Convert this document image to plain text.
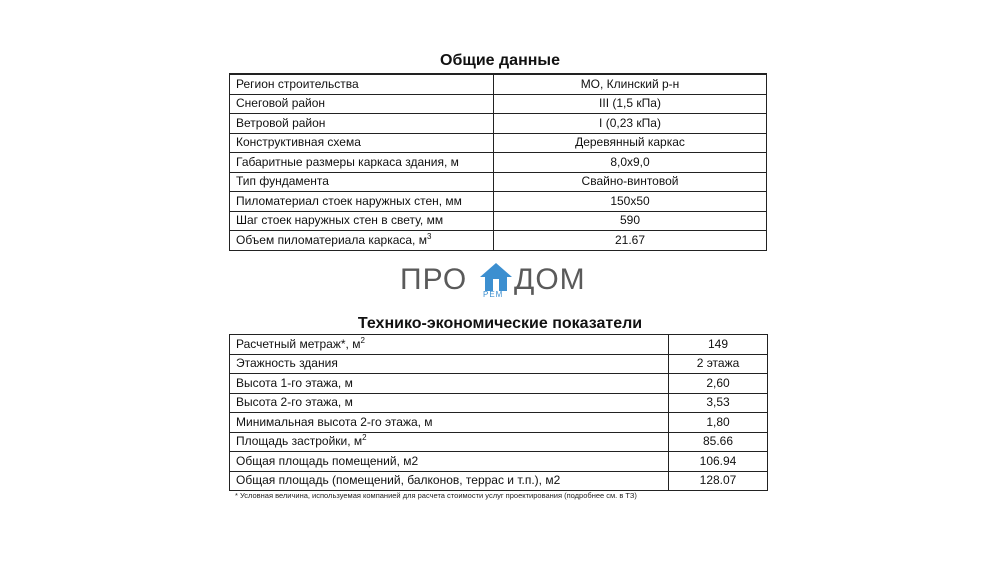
Общие данные
Регион строительства	МО, Клинский р-н
Снеговой район	III (1,5 кПа)
Ветровой район	I (0,23 кПа)
Конструктивная схема	Деревянный каркас
Габаритные размеры каркаса здания, м	8,0х9,0
Тип фундамента	Свайно-винтовой
Пиломатериал стоек наружных стен, мм	150х50
Шаг стоек наружных стен в свету, мм	590
Объем пиломатериала каркаса, $м^3$	21.67
ПРО РЕМ ДОМ
Технико-экономические показатели
Расчетный метраж*, $м^2$	149
Этажность здания	2 этажа
Высота 1-го этажа, м	2,60
Высота 2-го этажа, м	3,53
Минимальная высота 2-го этажа, м	1,80
Площадь застройки, $м^2$	85.66
Общая площадь помещений, м2	106.94
Общая площадь (помещений, балконов, террас и т.п.), м2	128.07
* Условная величина, используемая компанией для расчета стоимости услуг проектирования (подробнее см. в ТЗ)
